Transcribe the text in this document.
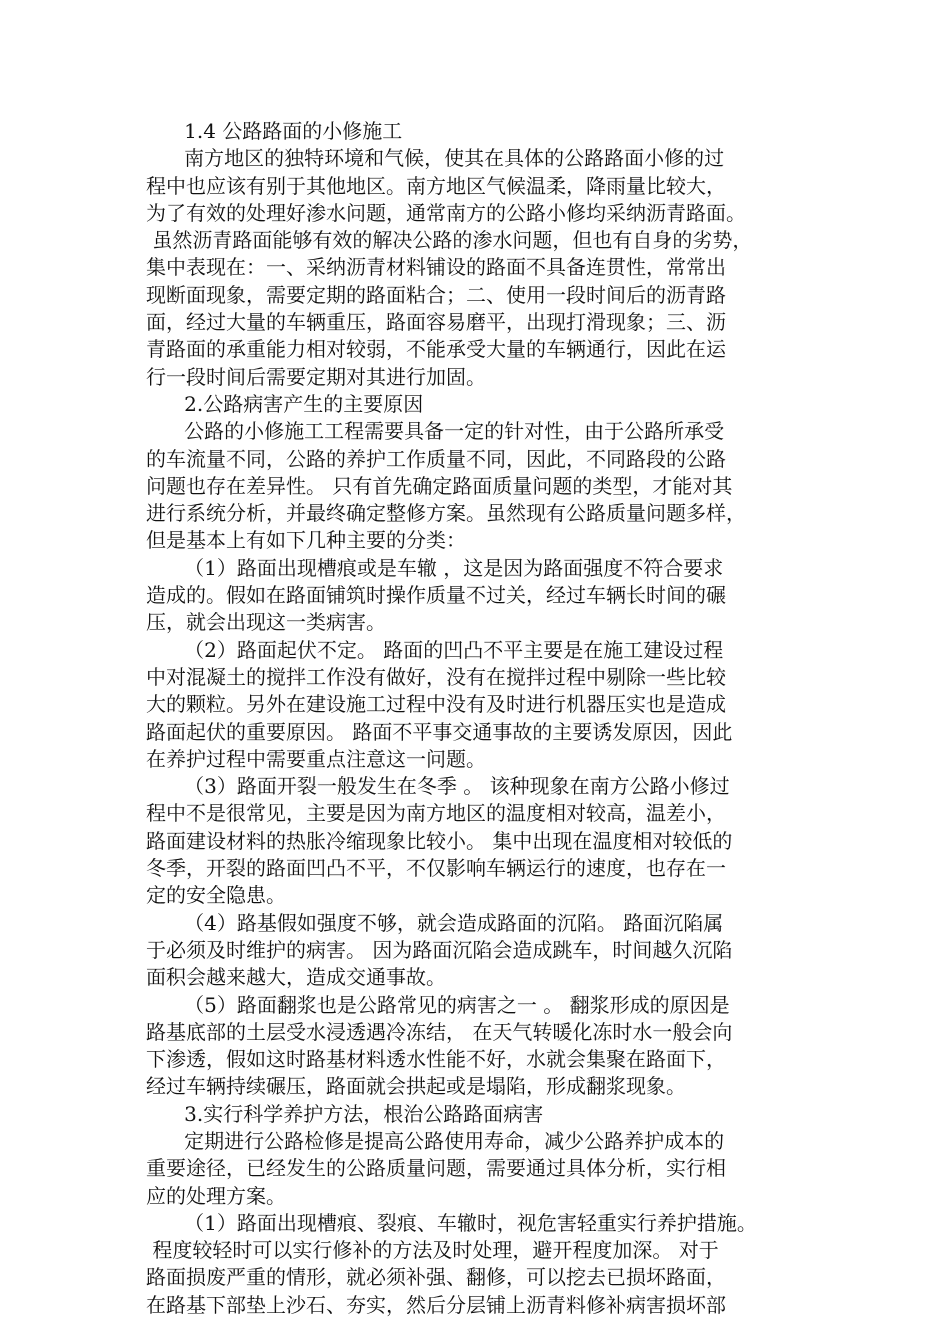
1.4 公路路面的小修施工
南方地区的独特环境和气候，使其在具体的公路路面小修的过
程中也应该有别于其他地区。南方地区气候温柔，降雨量比较大，
为了有效的处理好渗水问题，通常南方的公路小修均采纳沥青路面。
虽然沥青路面能够有效的解决公路的渗水问题，但也有自身的劣势，
集中表现在：一、采纳沥青材料铺设的路面不具备连贯性，常常出
现断面现象，需要定期的路面粘合；二、使用一段时间后的沥青路
面，经过大量的车辆重压，路面容易磨平，出现打滑现象；三、沥
青路面的承重能力相对较弱，不能承受大量的车辆通行，因此在运
行一段时间后需要定期对其进行加固。
2.公路病害产生的主要原因
公路的小修施工工程需要具备一定的针对性，由于公路所承受
的车流量不同，公路的养护工作质量不同，因此，不同路段的公路
问题也存在差异性。 只有首先确定路面质量问题的类型，才能对其
进行系统分析，并最终确定整修方案。虽然现有公路质量问题多样，
但是基本上有如下几种主要的分类：
（1）路面出现槽痕或是车辙 ，这是因为路面强度不符合要求
造成的。假如在路面铺筑时操作质量不过关，经过车辆长时间的碾
压，就会出现这一类病害。
（2）路面起伏不定。 路面的凹凸不平主要是在施工建设过程
中对混凝土的搅拌工作没有做好，没有在搅拌过程中剔除一些比较
大的颗粒。另外在建设施工过程中没有及时进行机器压实也是造成
路面起伏的重要原因。 路面不平事交通事故的主要诱发原因，因此
在养护过程中需要重点注意这一问题。
（3）路面开裂一般发生在冬季 。 该种现象在南方公路小修过
程中不是很常见，主要是因为南方地区的温度相对较高，温差小，
路面建设材料的热胀冷缩现象比较小。 集中出现在温度相对较低的
冬季，开裂的路面凹凸不平，不仅影响车辆运行的速度，也存在一
定的安全隐患。
（4）路基假如强度不够，就会造成路面的沉陷。 路面沉陷属
于必须及时维护的病害。 因为路面沉陷会造成跳车，时间越久沉陷
面积会越来越大，造成交通事故。
（5）路面翻浆也是公路常见的病害之一 。 翻浆形成的原因是
路基底部的土层受水浸透遇冷冻结， 在天气转暖化冻时水一般会向
下渗透，假如这时路基材料透水性能不好，水就会集聚在路面下，
经过车辆持续碾压，路面就会拱起或是塌陷，形成翻浆现象。
3.实行科学养护方法，根治公路路面病害
定期进行公路检修是提高公路使用寿命，减少公路养护成本的
重要途径，已经发生的公路质量问题，需要通过具体分析，实行相
应的处理方案。
（1）路面出现槽痕、裂痕、车辙时，视危害轻重实行养护措施。
程度较轻时可以实行修补的方法及时处理，避开程度加深。 对于
路面损废严重的情形，就必须补强、翻修，可以挖去已损坏路面，
在路基下部垫上沙石、夯实，然后分层铺上沥青料修补病害损坏部
